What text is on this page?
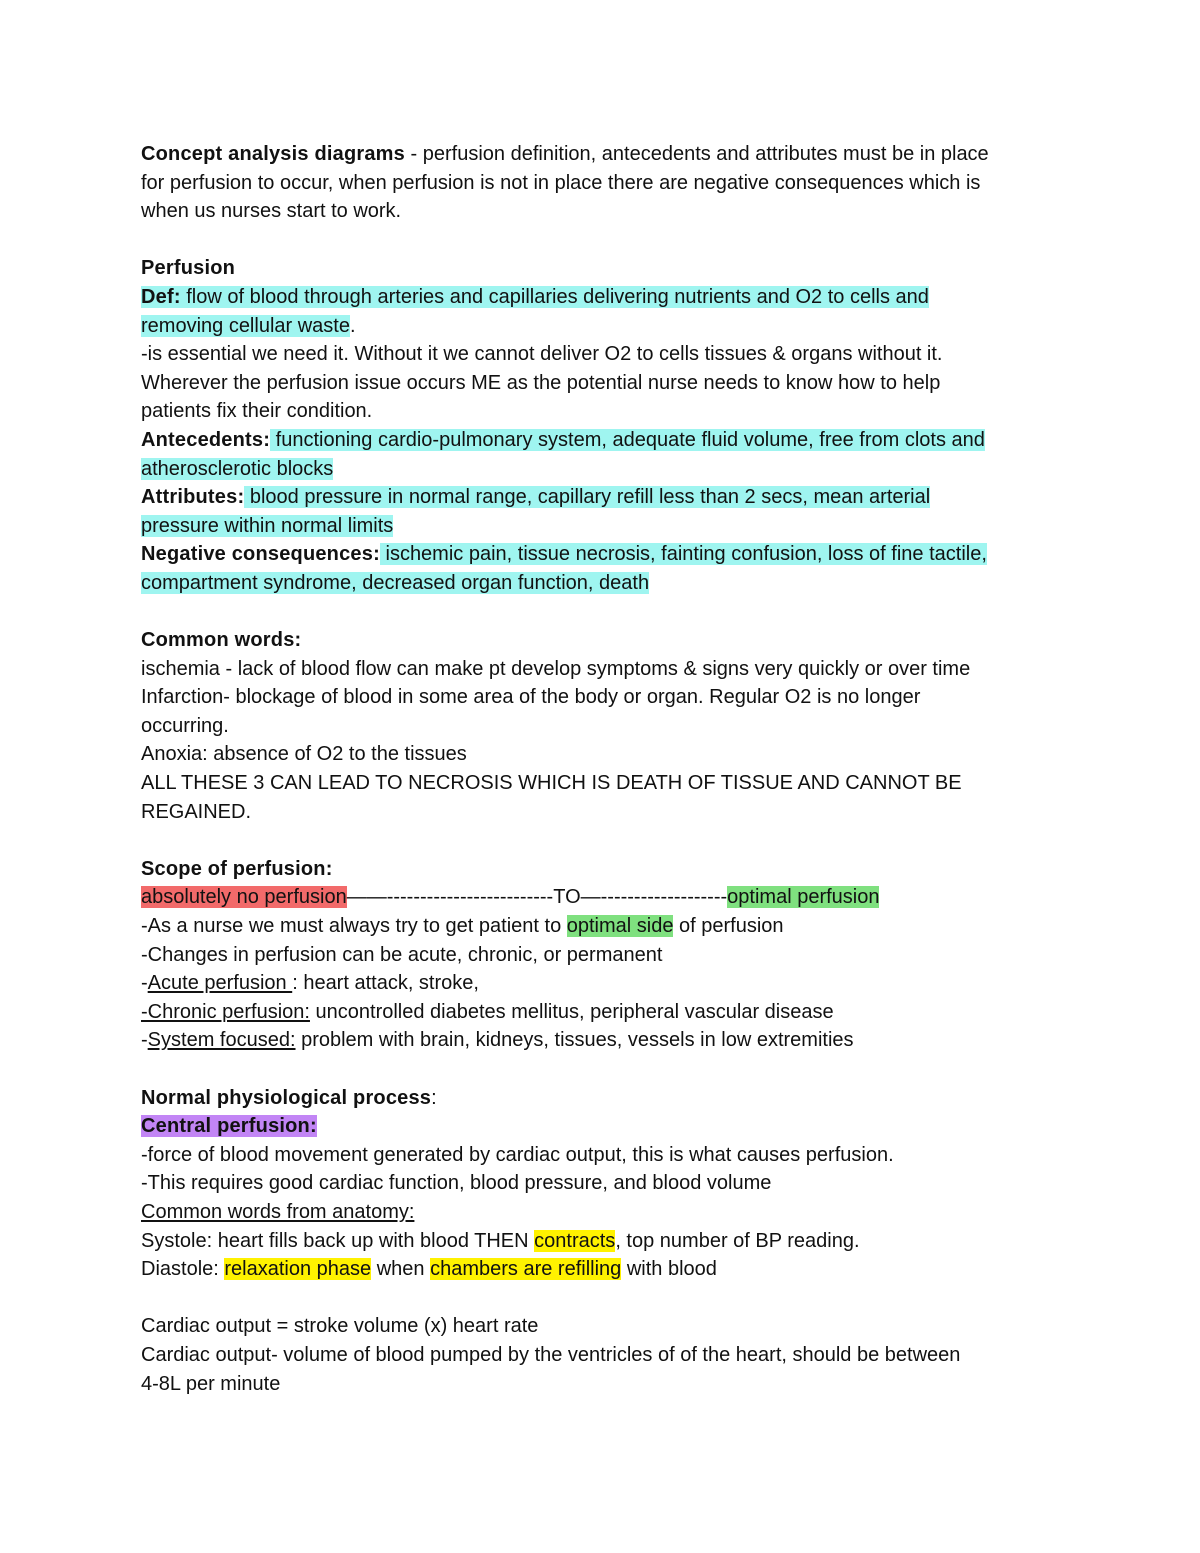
Concept analysis diagrams - perfusion definition, antecedents and attributes must be in place
for perfusion to occur, when perfusion is not in place there are negative consequences which is
when us nurses start to work.
Perfusion
Def: flow of blood through arteries and capillaries delivering nutrients and O2 to cells and
removing cellular waste.
-is essential we need it. Without it we cannot deliver O2 to cells tissues & organs without it.
Wherever the perfusion issue occurs ME as the potential nurse needs to know how to help
patients fix their condition.
Antecedents: functioning cardio-pulmonary system, adequate fluid volume, free from clots and
atherosclerotic blocks
Attributes: blood pressure in normal range, capillary refill less than 2 secs, mean arterial
pressure within normal limits
Negative consequences: ischemic pain, tissue necrosis, fainting confusion, loss of fine tactile,
compartment syndrome, decreased organ function, death
Common words:
ischemia - lack of blood flow can make pt develop symptoms & signs very quickly or over time
Infarction- blockage of blood in some area of the body or organ. Regular O2 is no longer
occurring.
Anoxia: absence of O2 to the tissues
ALL THESE 3 CAN LEAD TO NECROSIS WHICH IS DEATH OF TISSUE AND CANNOT BE
REGAINED.
Scope of perfusion:
absolutely no perfusion——-------------------------TO—-------------------optimal perfusion
-As a nurse we must always try to get patient to optimal side of perfusion
-Changes in perfusion can be acute, chronic, or permanent
-Acute perfusion : heart attack, stroke,
-Chronic perfusion: uncontrolled diabetes mellitus, peripheral vascular disease
-System focused: problem with brain, kidneys, tissues, vessels in low extremities
Normal physiological process:
Central perfusion:
-force of blood movement generated by cardiac output, this is what causes perfusion.
-This requires good cardiac function, blood pressure, and blood volume
Common words from anatomy:
Systole: heart fills back up with blood THEN contracts, top number of BP reading.
Diastole: relaxation phase when chambers are refilling with blood
Cardiac output = stroke volume (x) heart rate
Cardiac output- volume of blood pumped by the ventricles of of the heart, should be between
4-8L per minute
